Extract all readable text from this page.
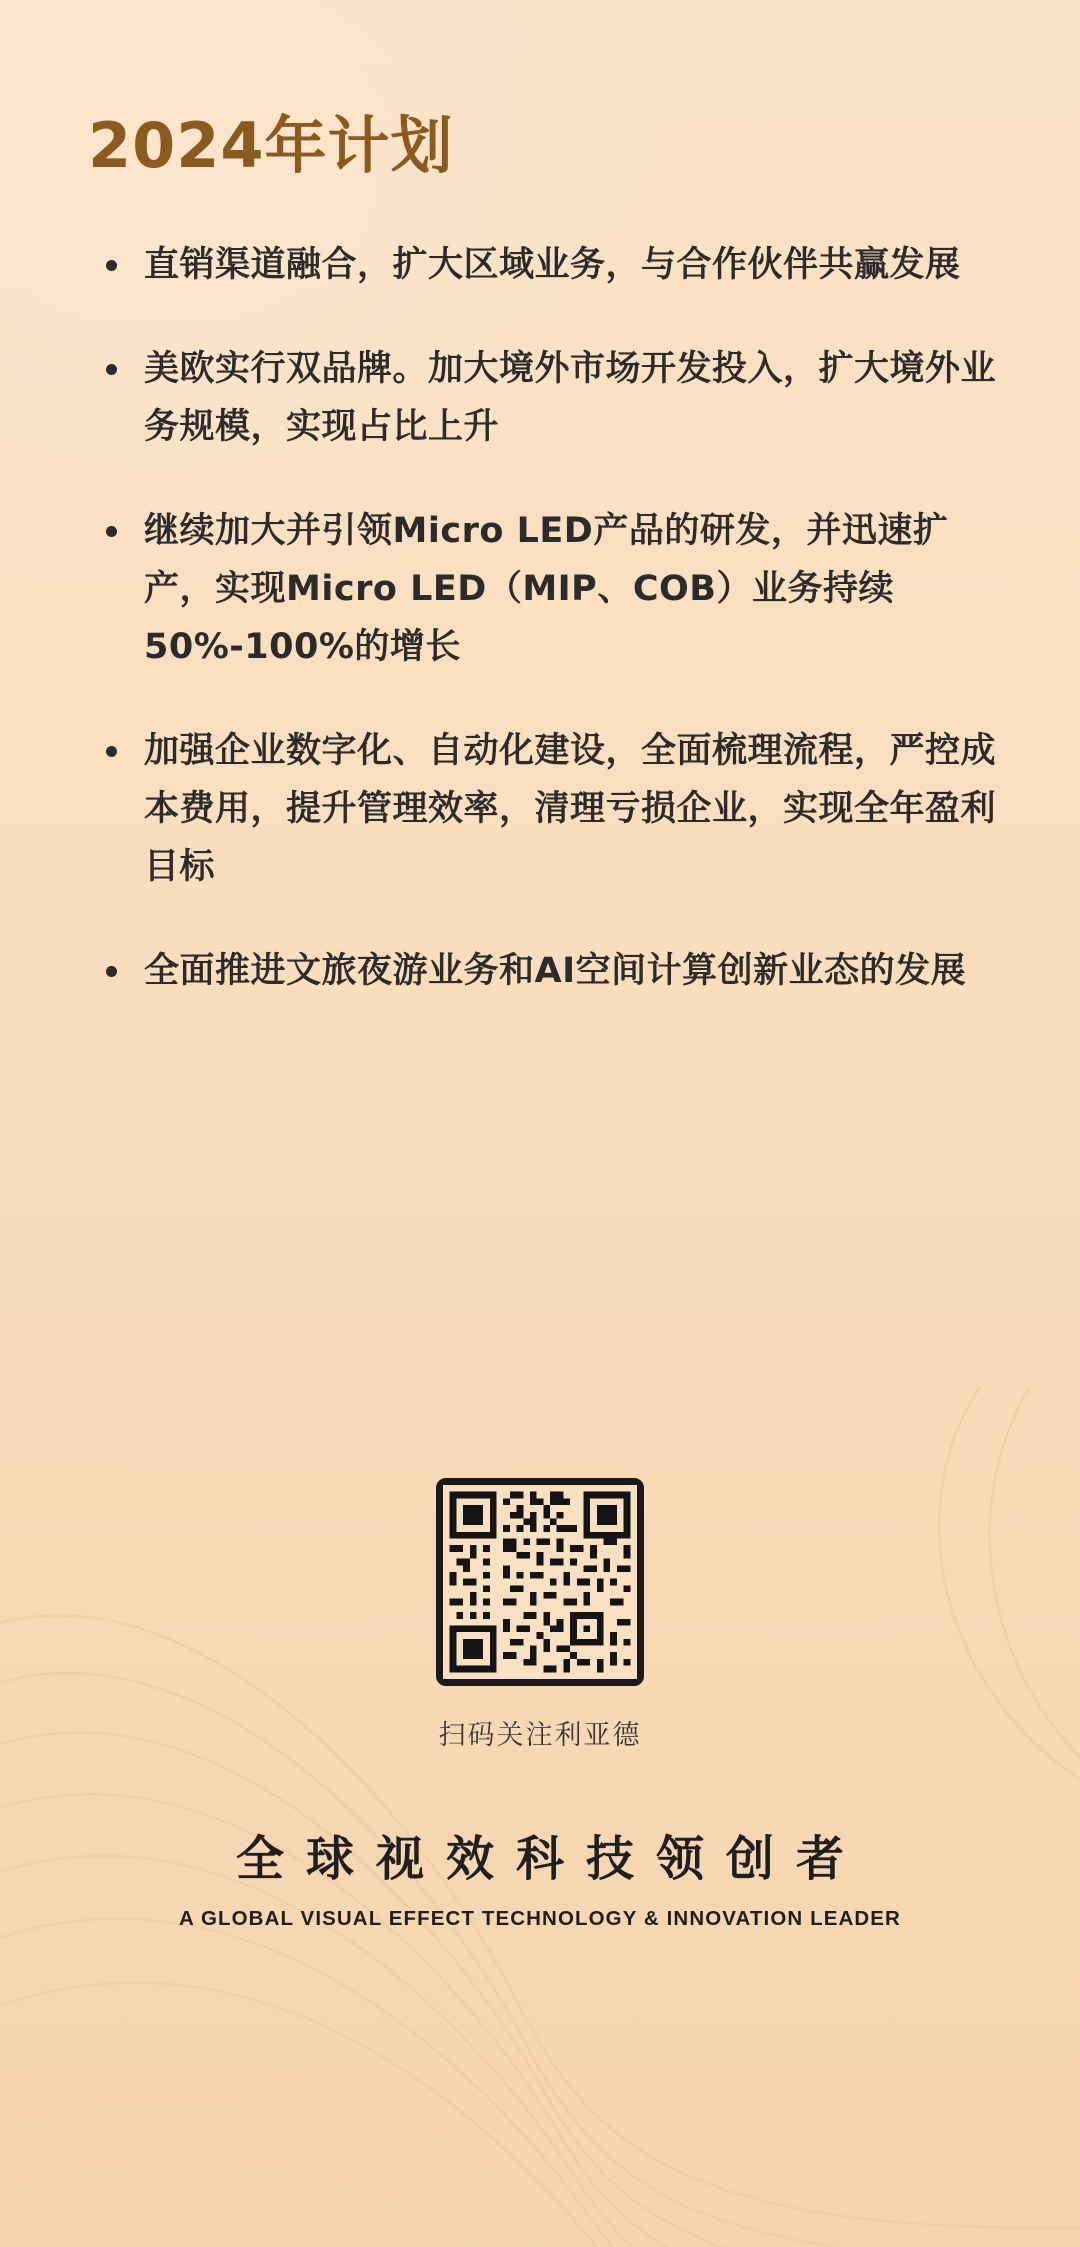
2024年计划
直销渠道融合，扩大区域业务，与合作伙伴共赢发展
美欧实行双品牌。加大境外市场开发投入，扩大境外业务规模，实现占比上升
继续加大并引领Micro LED产品的研发，并迅速扩产，实现Micro LED（MIP、COB）业务持续50%-100%的增长
加强企业数字化、自动化建设，全面梳理流程，严控成本费用，提升管理效率，清理亏损企业，实现全年盈利目标
全面推进文旅夜游业务和AI空间计算创新业态的发展
扫码关注利亚德
全球视效科技领创者
A GLOBAL VISUAL EFFECT TECHNOLOGY & INNOVATION LEADER
